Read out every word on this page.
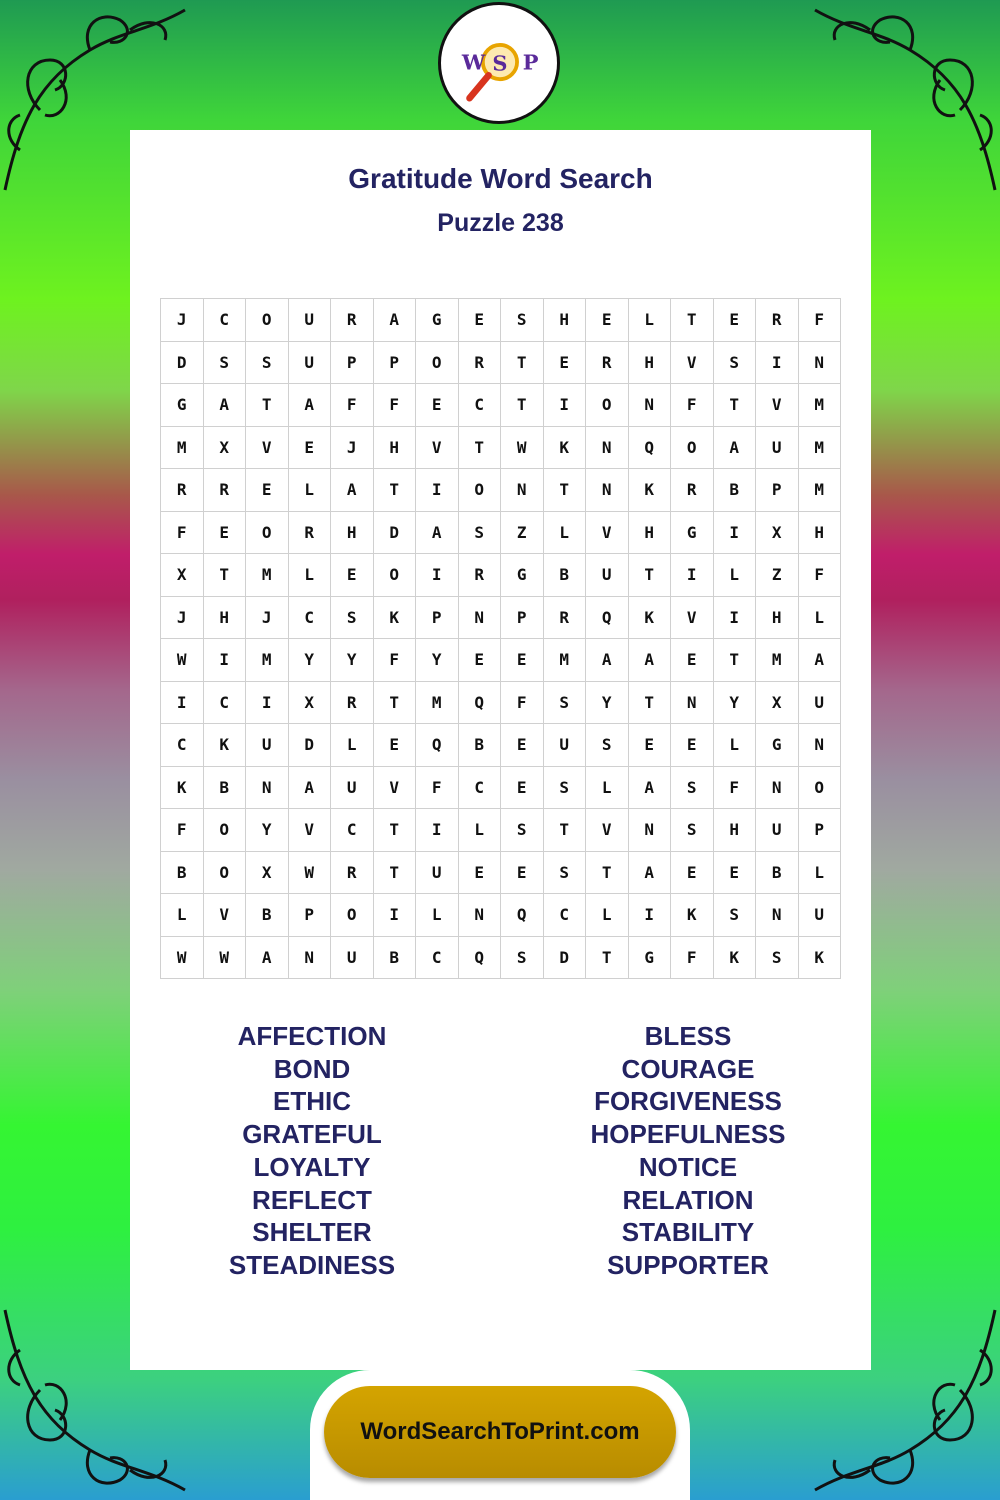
W S P
Gratitude Word Search
Puzzle 238
J	C	O	U	R	A	G	E	S	H	E	L	T	E	R	F
D	S	S	U	P	P	O	R	T	E	R	H	V	S	I	N
G	A	T	A	F	F	E	C	T	I	O	N	F	T	V	M
M	X	V	E	J	H	V	T	W	K	N	Q	O	A	U	M
R	R	E	L	A	T	I	O	N	T	N	K	R	B	P	M
F	E	O	R	H	D	A	S	Z	L	V	H	G	I	X	H
X	T	M	L	E	O	I	R	G	B	U	T	I	L	Z	F
J	H	J	C	S	K	P	N	P	R	Q	K	V	I	H	L
W	I	M	Y	Y	F	Y	E	E	M	A	A	E	T	M	A
I	C	I	X	R	T	M	Q	F	S	Y	T	N	Y	X	U
C	K	U	D	L	E	Q	B	E	U	S	E	E	L	G	N
K	B	N	A	U	V	F	C	E	S	L	A	S	F	N	O
F	O	Y	V	C	T	I	L	S	T	V	N	S	H	U	P
B	O	X	W	R	T	U	E	E	S	T	A	E	E	B	L
L	V	B	P	O	I	L	N	Q	C	L	I	K	S	N	U
W	W	A	N	U	B	C	Q	S	D	T	G	F	K	S	K
AFFECTION
BOND
ETHIC
GRATEFUL
LOYALTY
REFLECT
SHELTER
STEADINESS
BLESS
COURAGE
FORGIVENESS
HOPEFULNESS
NOTICE
RELATION
STABILITY
SUPPORTER
WordSearchToPrint.com
